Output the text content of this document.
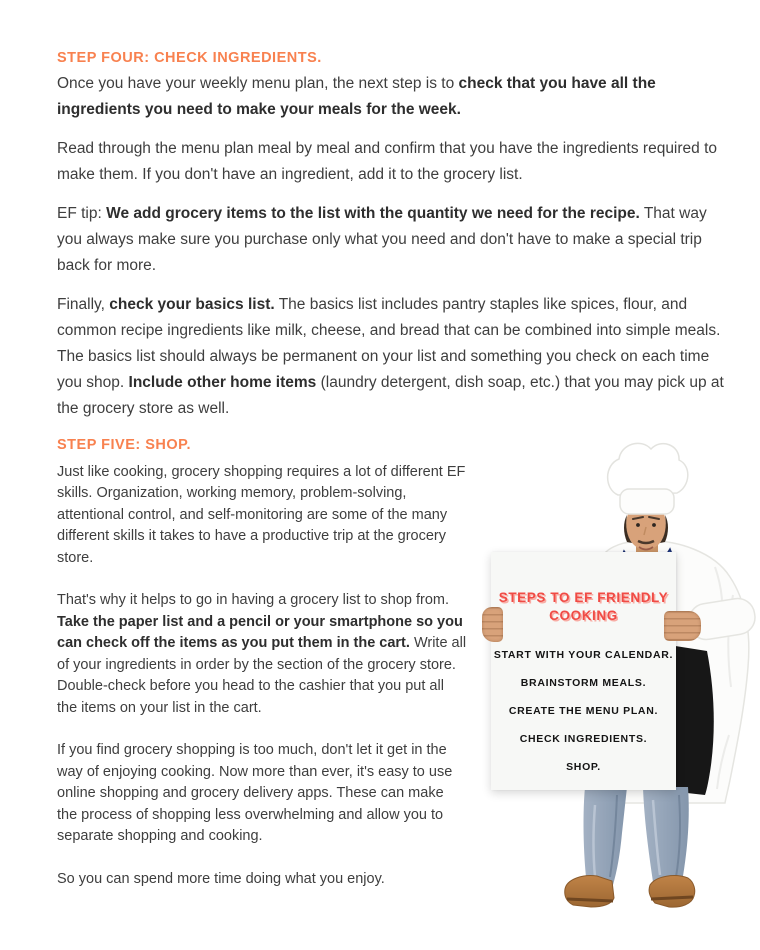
STEP FOUR: CHECK INGREDIENTS.

Once you have your weekly menu plan, the next step is to check that you have all the ingredients you need to make your meals for the week.

Read through the menu plan meal by meal and confirm that you have the ingredients required to make them. If you don't have an ingredient, add it to the grocery list.

EF tip: We add grocery items to the list with the quantity we need for the recipe. That way you always make sure you purchase only what you need and don't have to make a special trip back for more.

Finally, check your basics list. The basics list includes pantry staples like spices, flour, and common recipe ingredients like milk, cheese, and bread that can be combined into simple meals. The basics list should always be permanent on your list and something you check on each time you shop. Include other home items (laundry detergent, dish soap, etc.) that you may pick up at the grocery store as well.

STEP FIVE: SHOP.

Just like cooking, grocery shopping requires a lot of different EF skills. Organization, working memory, problem-solving, attentional control, and self-monitoring are some of the many different skills it takes to have a productive trip at the grocery store.

That's why it helps to go in having a grocery list to shop from. Take the paper list and a pencil or your smartphone so you can check off the items as you put them in the cart. Write all of your ingredients in order by the section of the grocery store. Double-check before you head to the cashier that you put all the items on your list in the cart.

If you find grocery shopping is too much, don't let it get in the way of enjoying cooking. Now more than ever, it's easy to use online shopping and grocery delivery apps. These can make the process of shopping less overwhelming and allow you to separate shopping and cooking.

So you can spend more time doing what you enjoy.

STEPS TO EF FRIENDLY
COOKING
START WITH YOUR CALENDAR.
BRAINSTORM MEALS.
CREATE THE MENU PLAN.
CHECK INGREDIENTS.
SHOP.
